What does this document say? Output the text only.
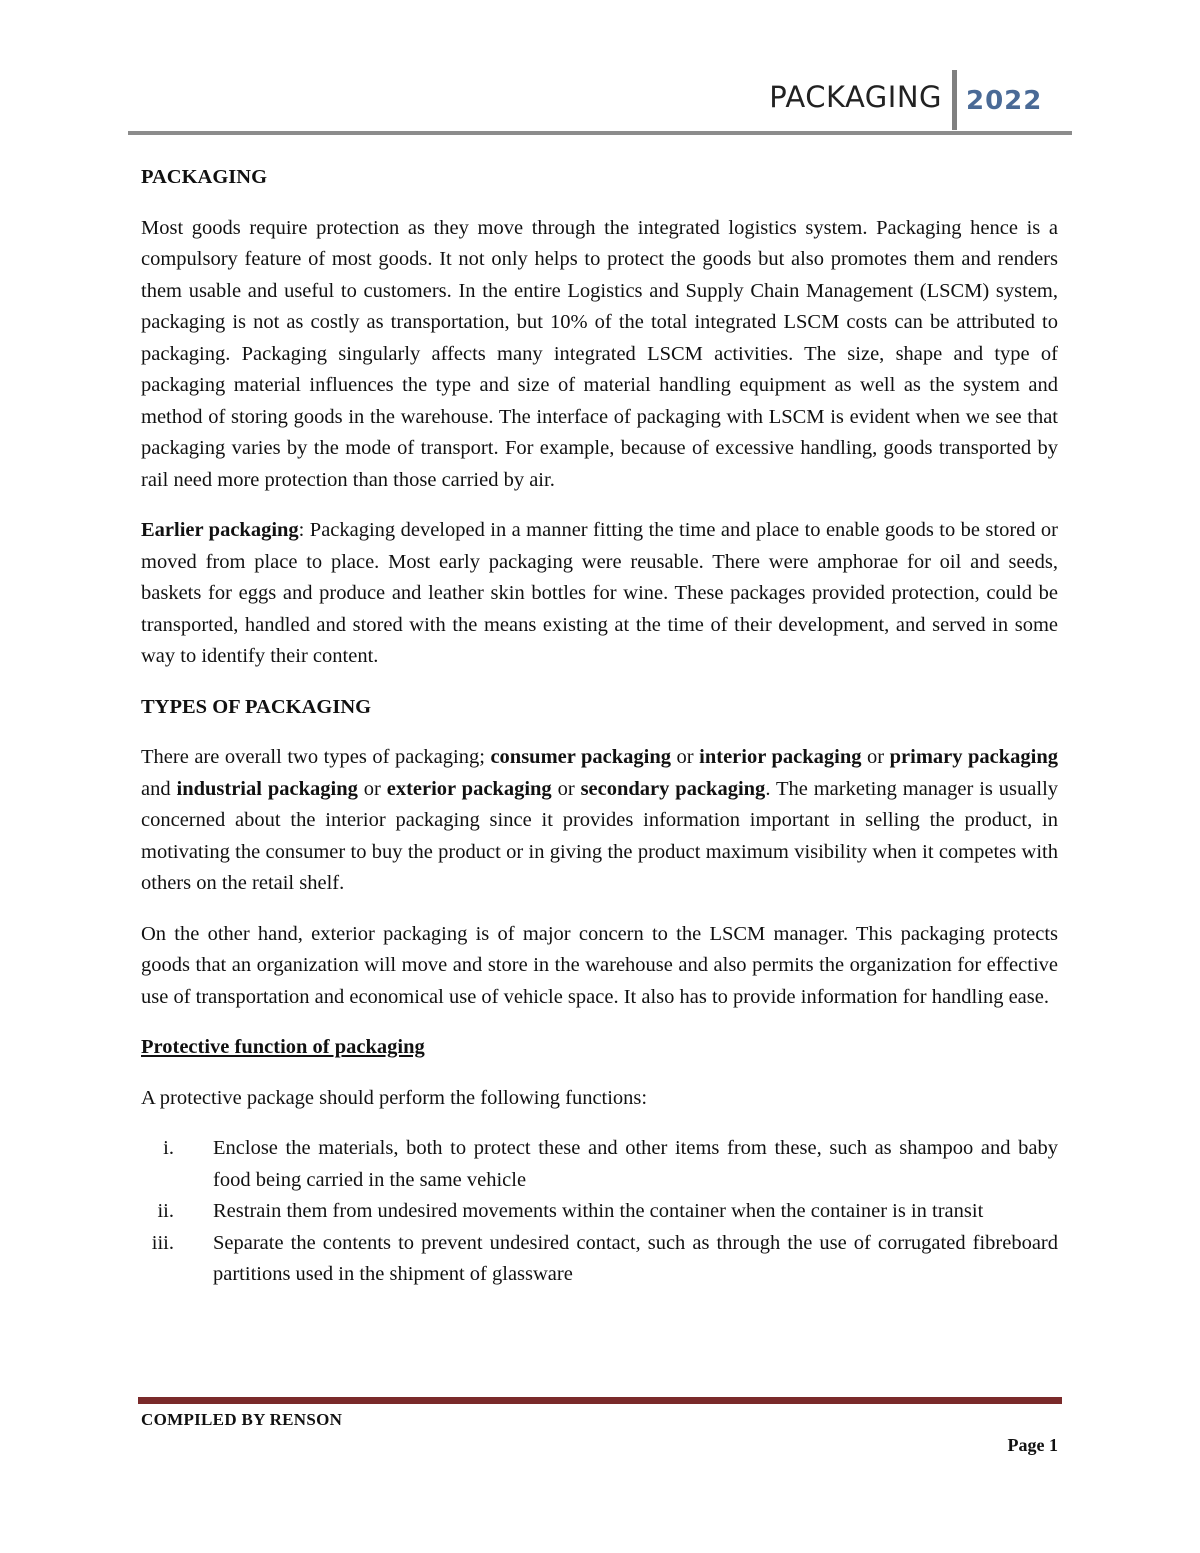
PACKAGING 2022
PACKAGING

Most goods require protection as they move through the integrated logistics system. Packaging hence is a compulsory feature of most goods. It not only helps to protect the goods but also promotes them and renders them usable and useful to customers. In the entire Logistics and Supply Chain Management (LSCM) system, packaging is not as costly as transportation, but 10% of the total integrated LSCM costs can be attributed to packaging. Packaging singularly affects many integrated LSCM activities. The size, shape and type of packaging material influences the type and size of material handling equipment as well as the system and method of storing goods in the warehouse. The interface of packaging with LSCM is evident when we see that packaging varies by the mode of transport. For example, because of excessive handling, goods transported by rail need more protection than those carried by air.

Earlier packaging: Packaging developed in a manner fitting the time and place to enable goods to be stored or moved from place to place. Most early packaging were reusable. There were amphorae for oil and seeds, baskets for eggs and produce and leather skin bottles for wine. These packages provided protection, could be transported, handled and stored with the means existing at the time of their development, and served in some way to identify their content.

TYPES OF PACKAGING

There are overall two types of packaging; consumer packaging or interior packaging or primary packaging and industrial packaging or exterior packaging or secondary packaging. The marketing manager is usually concerned about the interior packaging since it provides information important in selling the product, in motivating the consumer to buy the product or in giving the product maximum visibility when it competes with others on the retail shelf.

On the other hand, exterior packaging is of major concern to the LSCM manager. This packaging protects goods that an organization will move and store in the warehouse and also permits the organization for effective use of transportation and economical use of vehicle space. It also has to provide information for handling ease.

Protective function of packaging

A protective package should perform the following functions:

i. Enclose the materials, both to protect these and other items from these, such as shampoo and baby food being carried in the same vehicle
ii. Restrain them from undesired movements within the container when the container is in transit
iii. Separate the contents to prevent undesired contact, such as through the use of corrugated fibreboard partitions used in the shipment of glassware
COMPILED BY RENSON
Page 1
